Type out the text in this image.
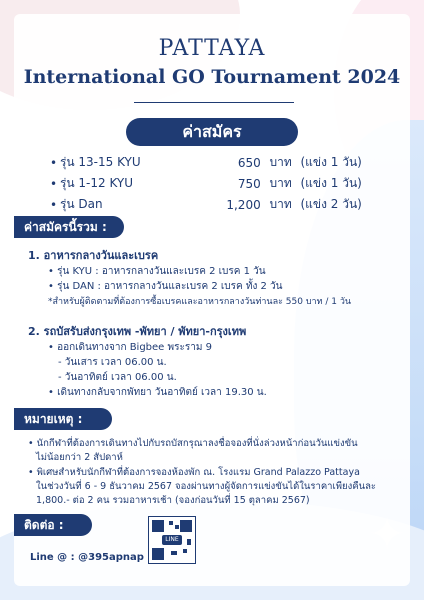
✦
PATTAYA
International GO Tournament 2024
ค่าสมัคร
• รุ่น 13-15 KYU	650 บาท (แข่ง 1 วัน)
• รุ่น 1-12 KYU	750 บาท (แข่ง 1 วัน)
• รุ่น Dan	1,200 บาท (แข่ง 2 วัน)
ค่าสมัครนี้รวม :
1. อาหารกลางวันและเบรค
• รุ่น KYU : อาหารกลางวันและเบรค 2 เบรค 1 วัน
• รุ่น DAN : อาหารกลางวันและเบรค 2 เบรค ทั้ง 2 วัน
*สำหรับผู้ติดตามที่ต้องการซื้อเบรคและอาหารกลางวันท่านละ 550 บาท / 1 วัน
2. รถบัสรับส่งกรุงเทพ -พัทยา / พัทยา-กรุงเทพ
• ออกเดินทางจาก Bigbee พระราม 9
- วันเสาร เวลา 06.00 น.
- วันอาทิตย์ เวลา 06.00 น.
• เดินทางกลับจากพัทยา วันอาทิตย์ เวลา 19.30 น.
หมายเหตุ :
• นักกีฬาที่ต้องการเดินทางไปกับรถบัสกรุณาลงชื่อจองที่นั่งล่วงหน้าก่อนวันแข่งขัน
ไม่น้อยกว่า 2 สัปดาห์
• พิเศษสำหรับนักกีฬาที่ต้องการจองห้องพัก ณ. โรงแรม Grand Palazzo Pattaya
ในช่วงวันที่ 6 - 9 ธันวาคม 2567 จองผ่านทางผู้จัดการแข่งขันได้ในราคาเพียงคืนละ
1,800.- ต่อ 2 คน รวมอาหารเช้า (จองก่อนวันที่ 15 ตุลาคม 2567)
ติดต่อ :
Line @ : @395apnap
LINE
